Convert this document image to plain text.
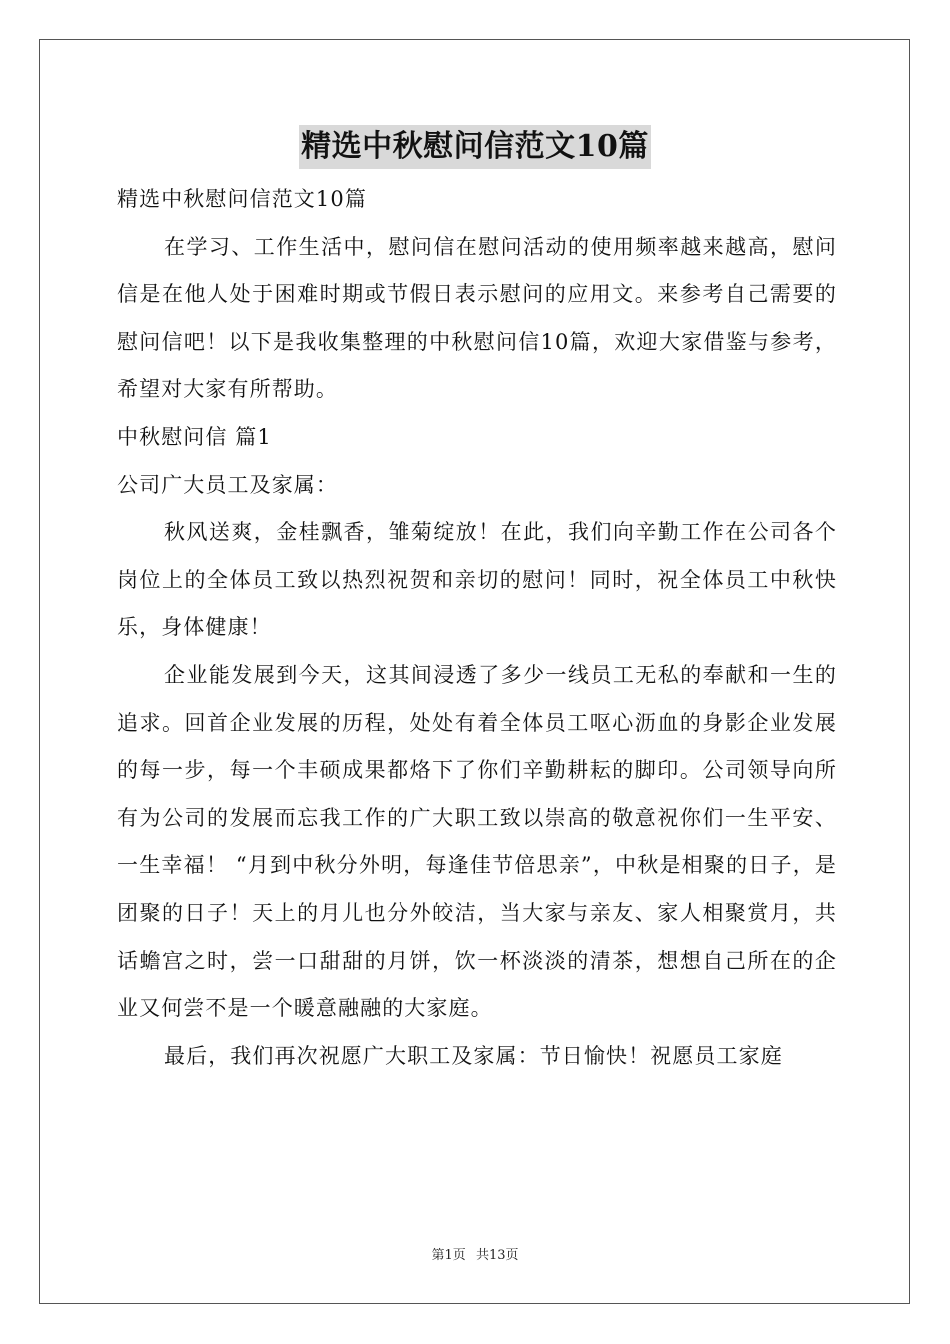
精选中秋慰问信范文10篇

精选中秋慰问信范文10篇

在学习、工作生活中，慰问信在慰问活动的使用频率越来越高，慰问信是在他人处于困难时期或节假日表示慰问的应用文。来参考自己需要的慰问信吧！以下是我收集整理的中秋慰问信10篇，欢迎大家借鉴与参考，希望对大家有所帮助。

中秋慰问信 篇1

公司广大员工及家属：

秋风送爽，金桂飘香，雏菊绽放！在此，我们向辛勤工作在公司各个岗位上的全体员工致以热烈祝贺和亲切的慰问！同时，祝全体员工中秋快乐，身体健康！

企业能发展到今天，这其间浸透了多少一线员工无私的奉献和一生的追求。回首企业发展的历程，处处有着全体员工呕心沥血的身影企业发展的每一步，每一个丰硕成果都烙下了你们辛勤耕耘的脚印。公司领导向所有为公司的发展而忘我工作的广大职工致以崇高的敬意祝你们一生平安、一生幸福！ “月到中秋分外明，每逢佳节倍思亲”，中秋是相聚的日子，是团聚的日子！天上的月儿也分外皎洁，当大家与亲友、家人相聚赏月，共话蟾宫之时，尝一口甜甜的月饼，饮一杯淡淡的清茶，想想自己所在的企业又何尝不是一个暖意融融的大家庭。

最后，我们再次祝愿广大职工及家属：节日愉快！祝愿员工家庭

第1页 共13页
